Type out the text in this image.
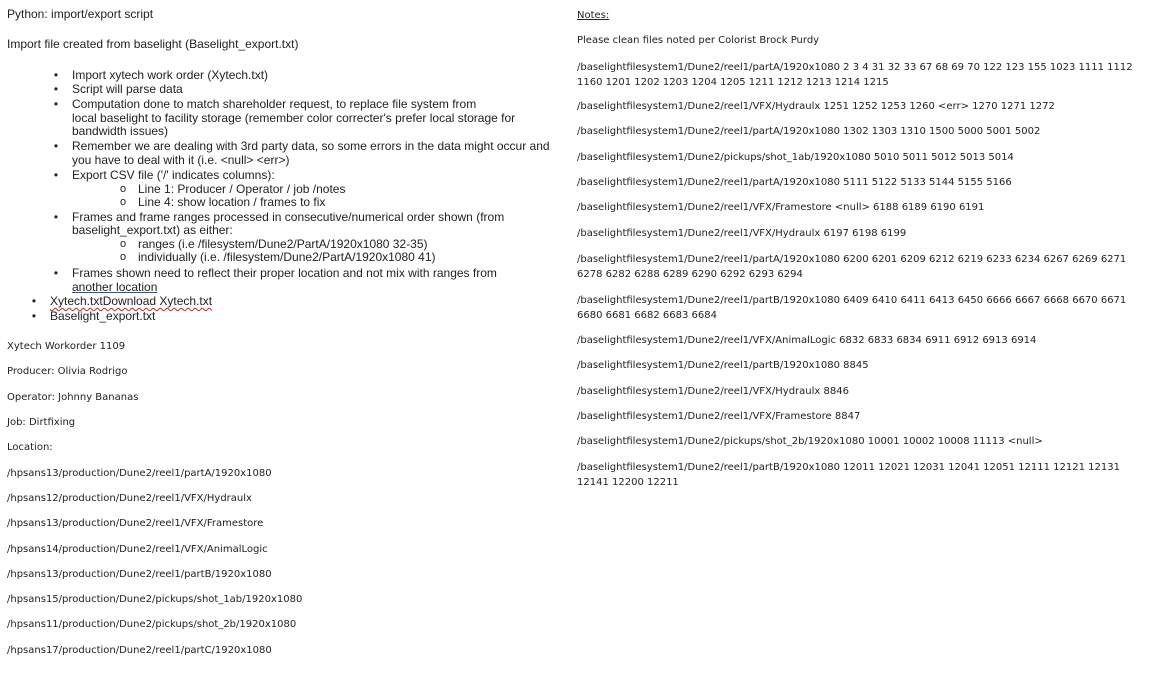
Python: import/export script
Import file created from baselight (Baselight_export.txt)
• Import xytech work order (Xytech.txt)
• Script will parse data
• Computation done to match shareholder request, to replace file system from
local baselight to facility storage (remember color correcter's prefer local storage for
bandwidth issues)
• Remember we are dealing with 3rd party data, so some errors in the data might occur and
you have to deal with it (i.e. <null> <err>)
• Export CSV file ('/' indicates columns):
o Line 1: Producer / Operator / job /notes
o Line 4: show location / frames to fix
• Frames and frame ranges processed in consecutive/numerical order shown (from
baselight_export.txt) as either:
o ranges (i.e /filesystem/Dune2/PartA/1920x1080 32-35)
o individually (i.e. /filesystem/Dune2/PartA/1920x1080 41)
• Frames shown need to reflect their proper location and not mix with ranges from
another location
• Xytech.txtDownload Xytech.txt
• Baselight_export.txt
Xytech Workorder 1109
Producer: Olivia Rodrigo
Operator: Johnny Bananas
Job: Dirtfixing
Location:
/hpsans13/production/Dune2/reel1/partA/1920x1080
/hpsans12/production/Dune2/reel1/VFX/Hydraulx
/hpsans13/production/Dune2/reel1/VFX/Framestore
/hpsans14/production/Dune2/reel1/VFX/AnimalLogic
/hpsans13/production/Dune2/reel1/partB/1920x1080
/hpsans15/production/Dune2/pickups/shot_1ab/1920x1080
/hpsans11/production/Dune2/pickups/shot_2b/1920x1080
/hpsans17/production/Dune2/reel1/partC/1920x1080
Notes:
Please clean files noted per Colorist Brock Purdy
/baselightfilesystem1/Dune2/reel1/partA/1920x1080 2 3 4 31 32 33 67 68 69 70 122 123 155 1023 1111 1112 1160 1201 1202 1203 1204 1205 1211 1212 1213 1214 1215
/baselightfilesystem1/Dune2/reel1/VFX/Hydraulx 1251 1252 1253 1260 <err> 1270 1271 1272
/baselightfilesystem1/Dune2/reel1/partA/1920x1080 1302 1303 1310 1500 5000 5001 5002
/baselightfilesystem1/Dune2/pickups/shot_1ab/1920x1080 5010 5011 5012 5013 5014
/baselightfilesystem1/Dune2/reel1/partA/1920x1080 5111 5122 5133 5144 5155 5166
/baselightfilesystem1/Dune2/reel1/VFX/Framestore <null> 6188 6189 6190 6191
/baselightfilesystem1/Dune2/reel1/VFX/Hydraulx 6197 6198 6199
/baselightfilesystem1/Dune2/reel1/partA/1920x1080 6200 6201 6209 6212 6219 6233 6234 6267 6269 6271 6278 6282 6288 6289 6290 6292 6293 6294
/baselightfilesystem1/Dune2/reel1/partB/1920x1080 6409 6410 6411 6413 6450 6666 6667 6668 6670 6671 6680 6681 6682 6683 6684
/baselightfilesystem1/Dune2/reel1/VFX/AnimalLogic 6832 6833 6834 6911 6912 6913 6914
/baselightfilesystem1/Dune2/reel1/partB/1920x1080 8845
/baselightfilesystem1/Dune2/reel1/VFX/Hydraulx 8846
/baselightfilesystem1/Dune2/reel1/VFX/Framestore 8847
/baselightfilesystem1/Dune2/pickups/shot_2b/1920x1080 10001 10002 10008 11113 <null>
/baselightfilesystem1/Dune2/reel1/partB/1920x1080 12011 12021 12031 12041 12051 12111 12121 12131 12141 12200 12211
